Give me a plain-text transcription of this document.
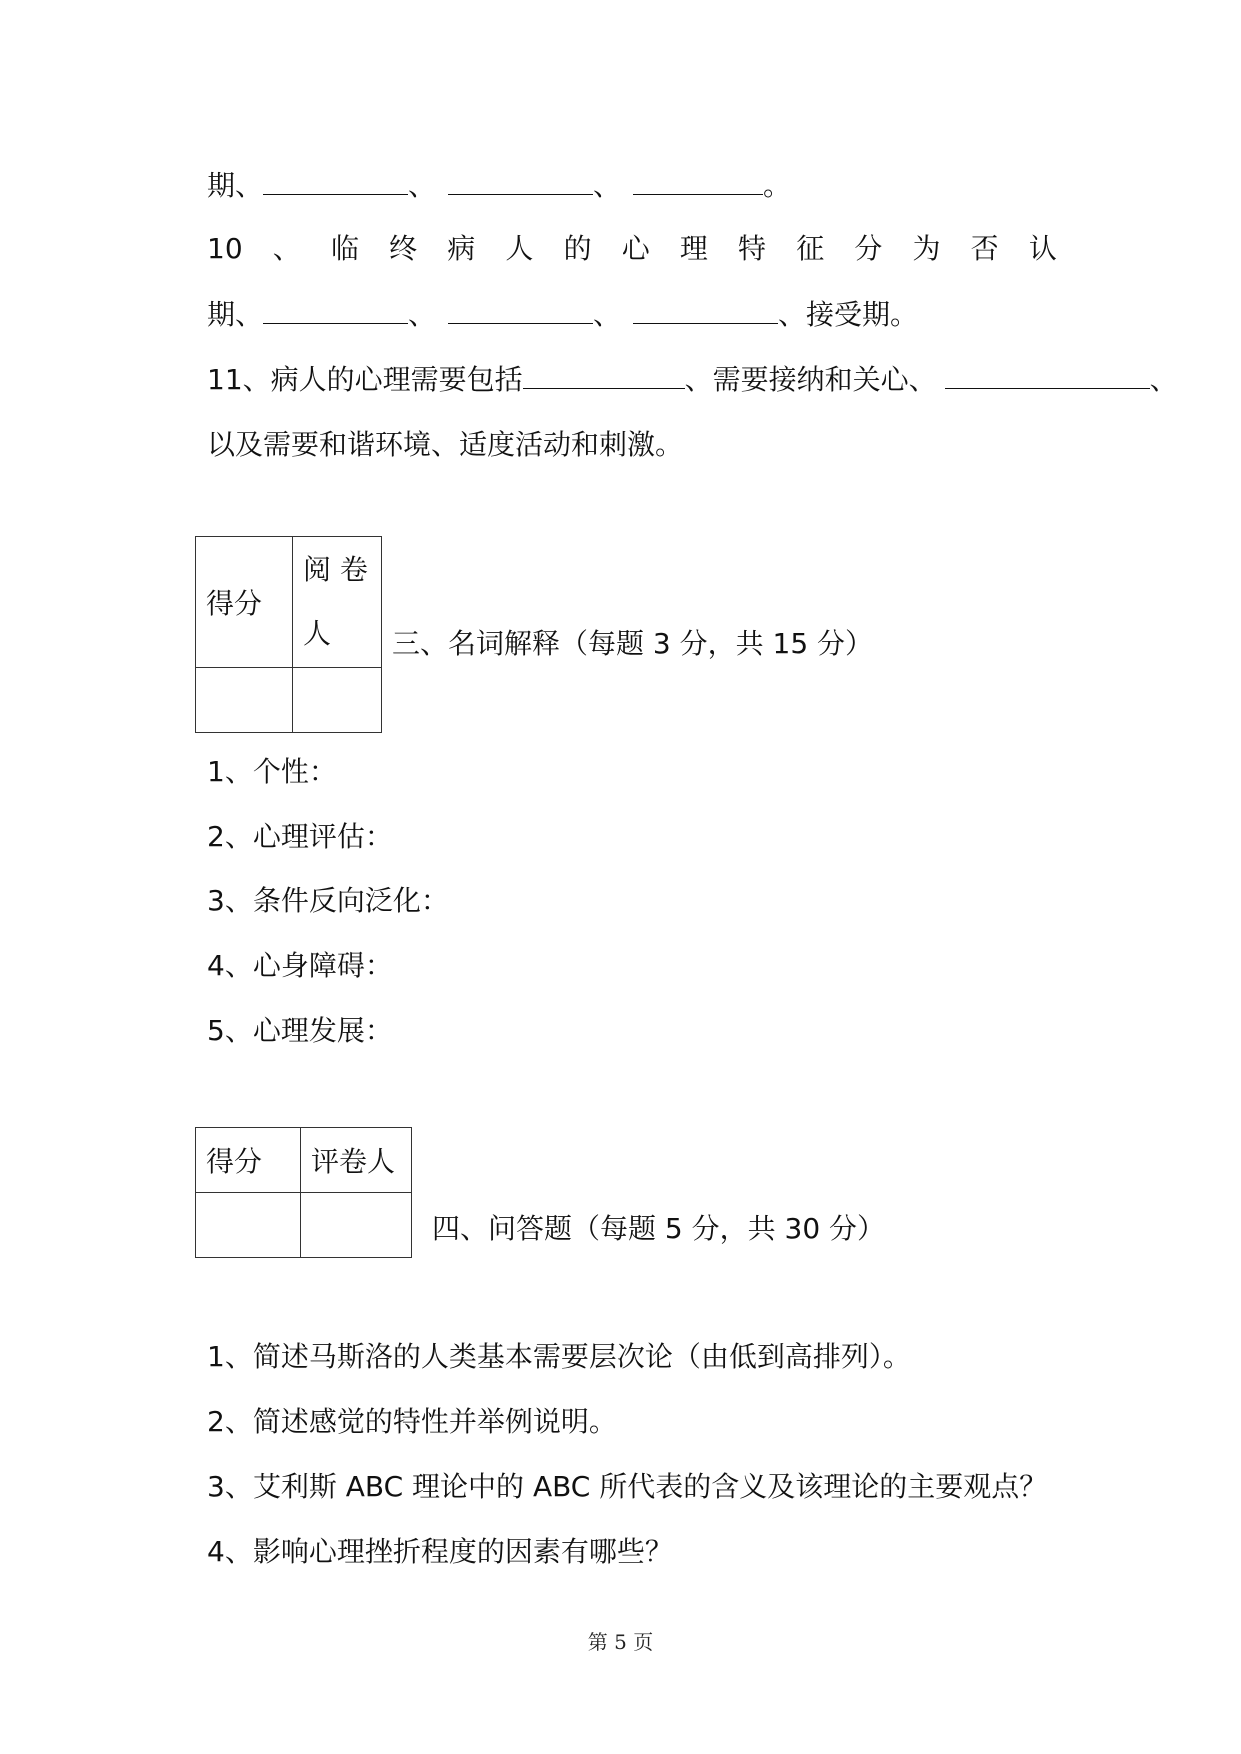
期、	、	、	。
10 、 临 终 病 人 的 心 理 特 征 分 为 否 认
期、	、	、	、接受期。
11、病人的心理需要包括	、需要接纳和关心、	、
以及需要和谐环境、适度活动和刺激。
得分	阅 卷
人

		三、名词解释（每题 3 分，共 15 分）
1、个性：
2、心理评估：
3、条件反向泛化：
4、心身障碍：
5、心理发展：
得分	评卷人

四、问答题（每题 5 分，共 30 分）
1、简述马斯洛的人类基本需要层次论（由低到高排列）。
2、简述感觉的特性并举例说明。
3、艾利斯 ABC 理论中的 ABC 所代表的含义及该理论的主要观点？
4、影响心理挫折程度的因素有哪些？
第 5 页
